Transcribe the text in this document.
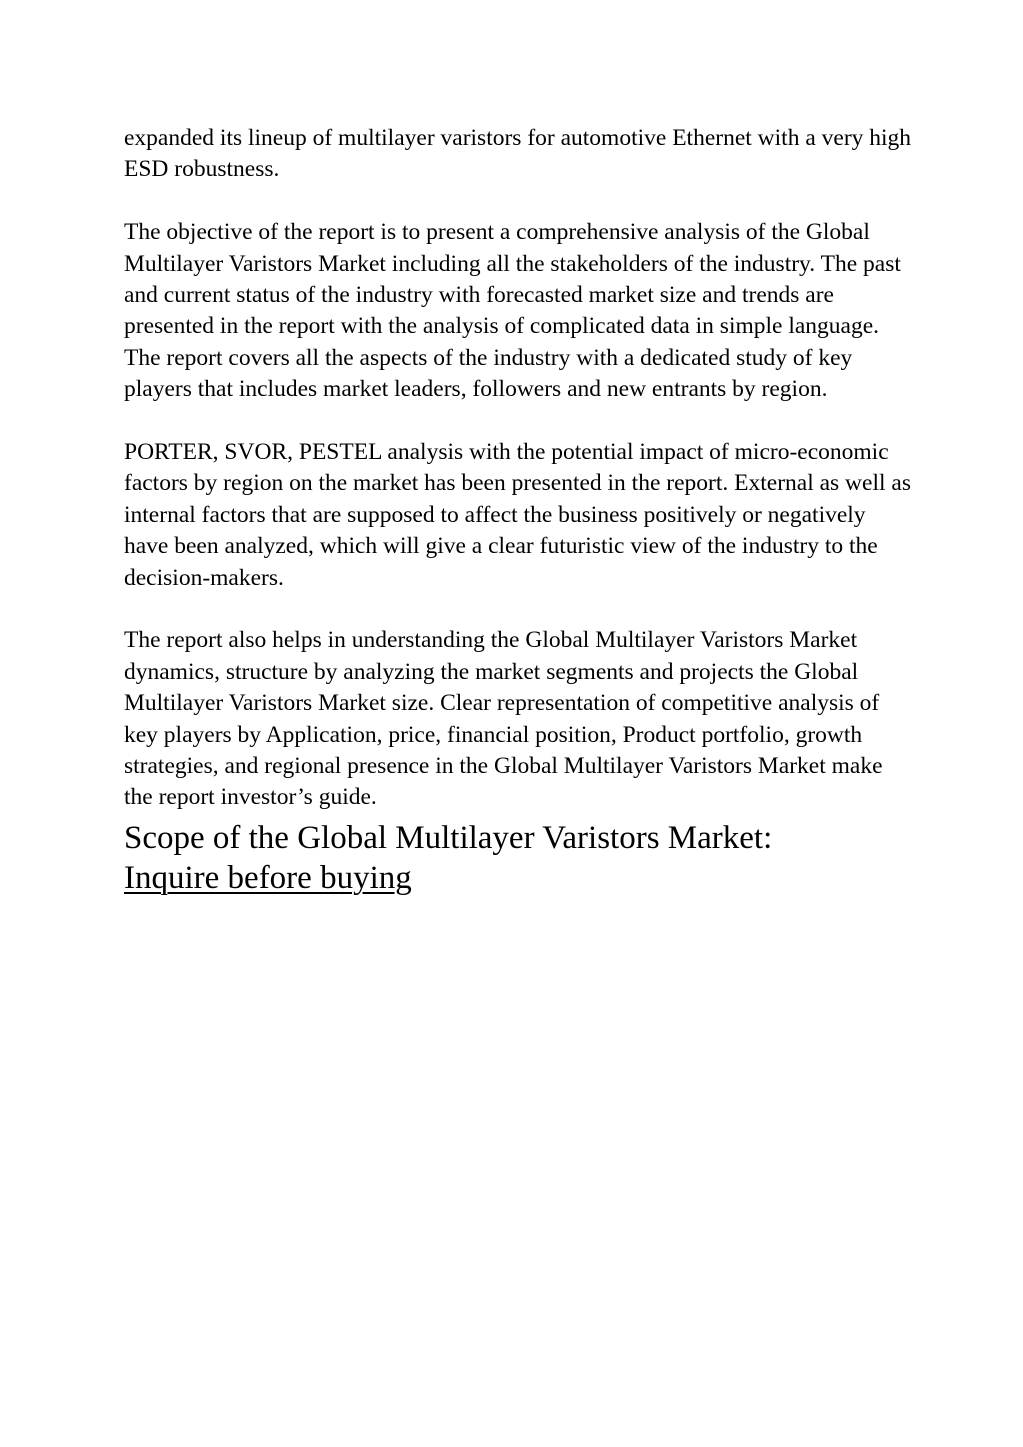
expanded its lineup of multilayer varistors for automotive Ethernet with a very high ESD robustness.

The objective of the report is to present a comprehensive analysis of the Global Multilayer Varistors Market including all the stakeholders of the industry. The past and current status of the industry with forecasted market size and trends are presented in the report with the analysis of complicated data in simple language. The report covers all the aspects of the industry with a dedicated study of key players that includes market leaders, followers and new entrants by region.

PORTER, SVOR, PESTEL analysis with the potential impact of micro-economic factors by region on the market has been presented in the report. External as well as internal factors that are supposed to affect the business positively or negatively have been analyzed, which will give a clear futuristic view of the industry to the decision-makers.

The report also helps in understanding the Global Multilayer Varistors Market dynamics, structure by analyzing the market segments and projects the Global Multilayer Varistors Market size. Clear representation of competitive analysis of key players by Application, price, financial position, Product portfolio, growth strategies, and regional presence in the Global Multilayer Varistors Market make the report investor’s guide.

Scope of the Global Multilayer Varistors Market:
Inquire before buying
